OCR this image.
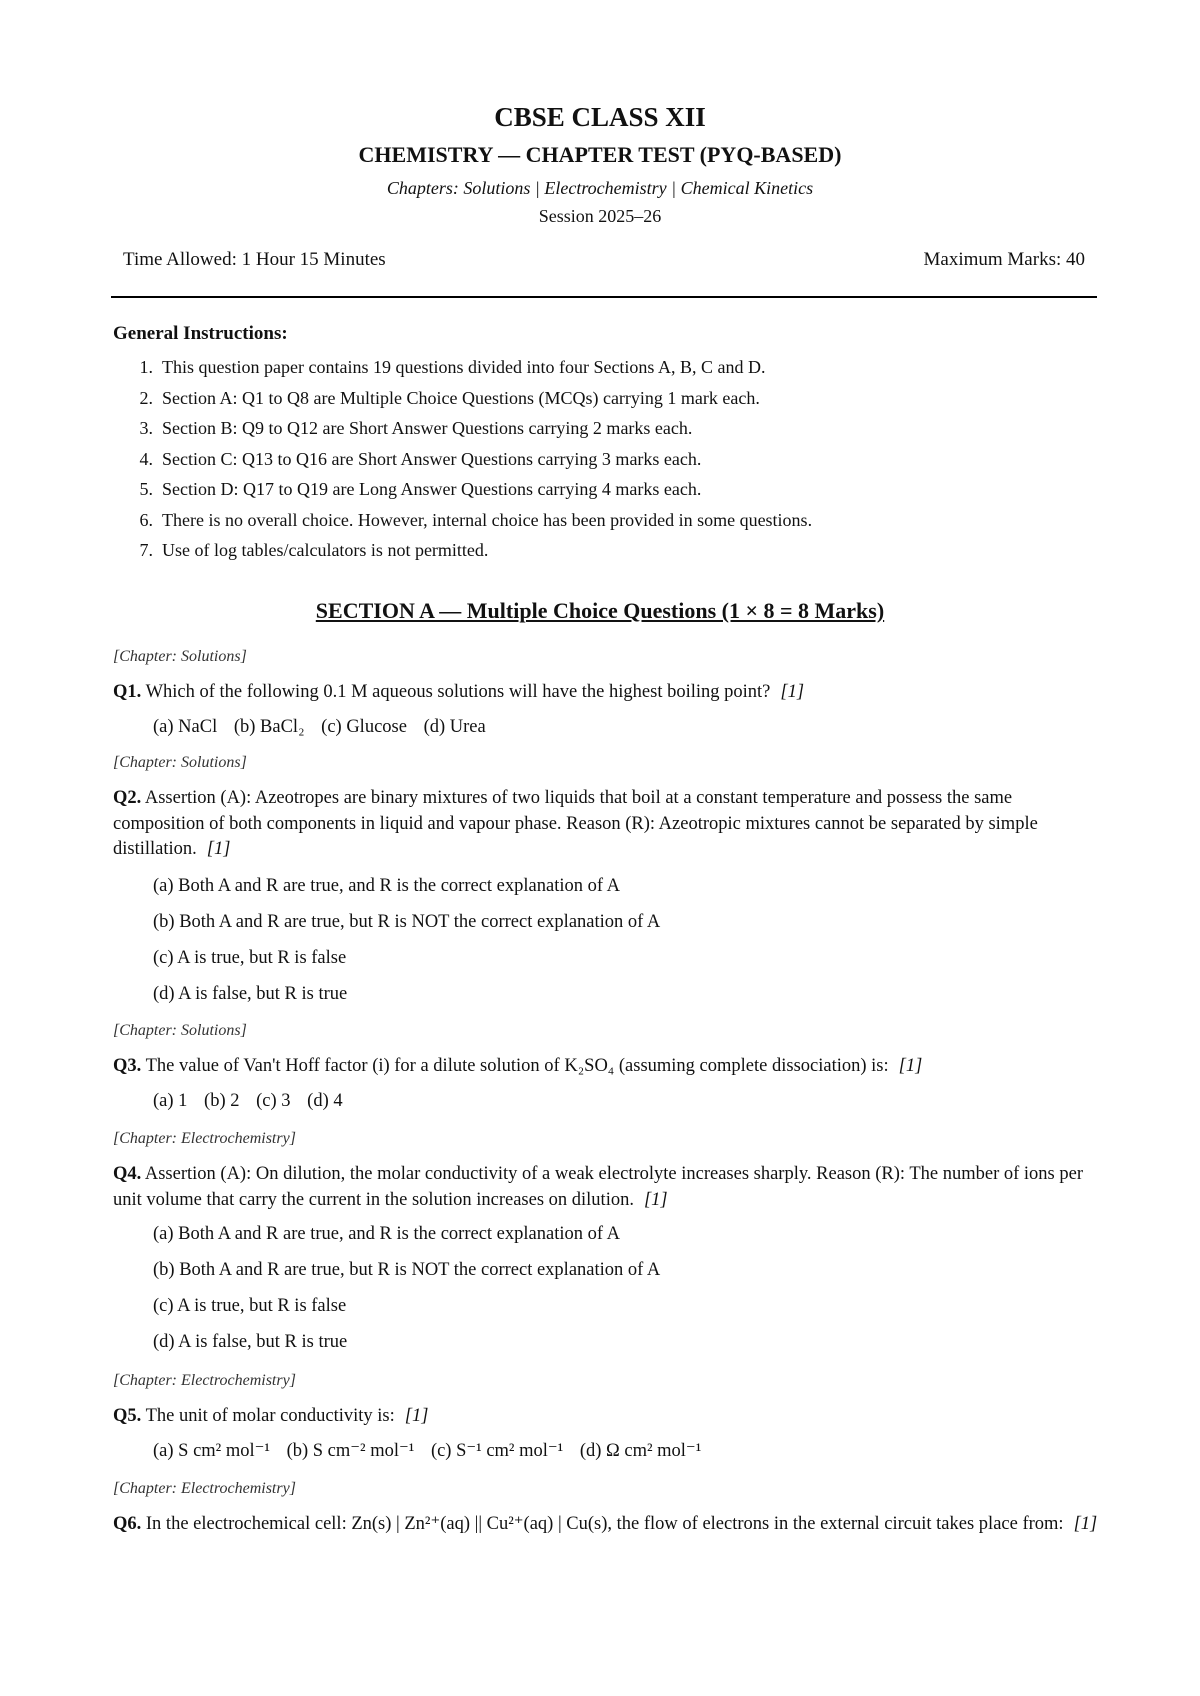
CBSE CLASS XII
CHEMISTRY — CHAPTER TEST (PYQ-BASED)
Chapters: Solutions | Electrochemistry | Chemical Kinetics
Session 2025–26
Time Allowed: 1 Hour 15 Minutes	Maximum Marks: 40
General Instructions:
1. This question paper contains 19 questions divided into four Sections A, B, C and D.
2. Section A: Q1 to Q8 are Multiple Choice Questions (MCQs) carrying 1 mark each.
3. Section B: Q9 to Q12 are Short Answer Questions carrying 2 marks each.
4. Section C: Q13 to Q16 are Short Answer Questions carrying 3 marks each.
5. Section D: Q17 to Q19 are Long Answer Questions carrying 4 marks each.
6. There is no overall choice. However, internal choice has been provided in some questions.
7. Use of log tables/calculators is not permitted.
SECTION A — Multiple Choice Questions (1 × 8 = 8 Marks)
[Chapter: Solutions]
Q1. Which of the following 0.1 M aqueous solutions will have the highest boiling point? [1]
(a) NaCl (b) BaCl₂ (c) Glucose (d) Urea
[Chapter: Solutions]
Q2. Assertion (A): Azeotropes are binary mixtures of two liquids that boil at a constant temperature and possess the same composition of both components in liquid and vapour phase. Reason (R): Azeotropic mixtures cannot be separated by simple distillation. [1]
(a) Both A and R are true, and R is the correct explanation of A
(b) Both A and R are true, but R is NOT the correct explanation of A
(c) A is true, but R is false
(d) A is false, but R is true
[Chapter: Solutions]
Q3. The value of Van't Hoff factor (i) for a dilute solution of K₂SO₄ (assuming complete dissociation) is: [1]
(a) 1 (b) 2 (c) 3 (d) 4
[Chapter: Electrochemistry]
Q4. Assertion (A): On dilution, the molar conductivity of a weak electrolyte increases sharply. Reason (R): The number of ions per unit volume that carry the current in the solution increases on dilution. [1]
(a) Both A and R are true, and R is the correct explanation of A
(b) Both A and R are true, but R is NOT the correct explanation of A
(c) A is true, but R is false
(d) A is false, but R is true
[Chapter: Electrochemistry]
Q5. The unit of molar conductivity is: [1]
(a) S cm² mol⁻¹ (b) S cm⁻² mol⁻¹ (c) S⁻¹ cm² mol⁻¹ (d) Ω cm² mol⁻¹
[Chapter: Electrochemistry]
Q6. In the electrochemical cell: Zn(s) | Zn²⁺(aq) || Cu²⁺(aq) | Cu(s), the flow of electrons in the external circuit takes place from: [1]
